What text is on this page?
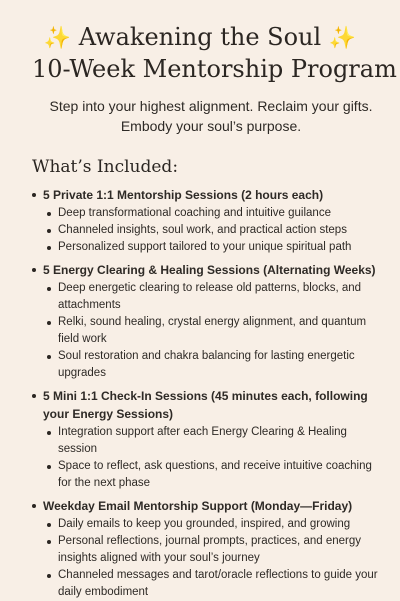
✨ Awakening the Soul ✨
10-Week Mentorship Program
Step into your highest alignment. Reclaim your gifts. Embody your soul’s purpose.
What’s Included:
5 Private 1:1 Mentorship Sessions (2 hours each)
Deep transformational coaching and intuitive guilance
Channeled insights, soul work, and practical action steps
Personalized support tailored to your unique spiritual path
5 Energy Clearing & Healing Sessions (Alternating Weeks)
Deep energetic clearing to release old patterns, blocks, and attachments
Relki, sound healing, crystal energy alignment, and quantum field work
Soul restoration and chakra balancing for lasting energetic upgrades
5 Mini 1:1 Check-In Sessions (45 minutes each, following your Energy Sessions)
Integration support after each Energy Clearing & Healing session
Space to reflect, ask questions, and receive intuitive coaching for the next phase
Weekday Email Mentorship Support (Monday—Friday)
Daily emails to keep you grounded, inspired, and growing
Personal reflections, journal prompts, practices, and energy insights aligned with your soul’s journey
Channeled messages and tarot/oracle reflections to guide your daily embodiment
